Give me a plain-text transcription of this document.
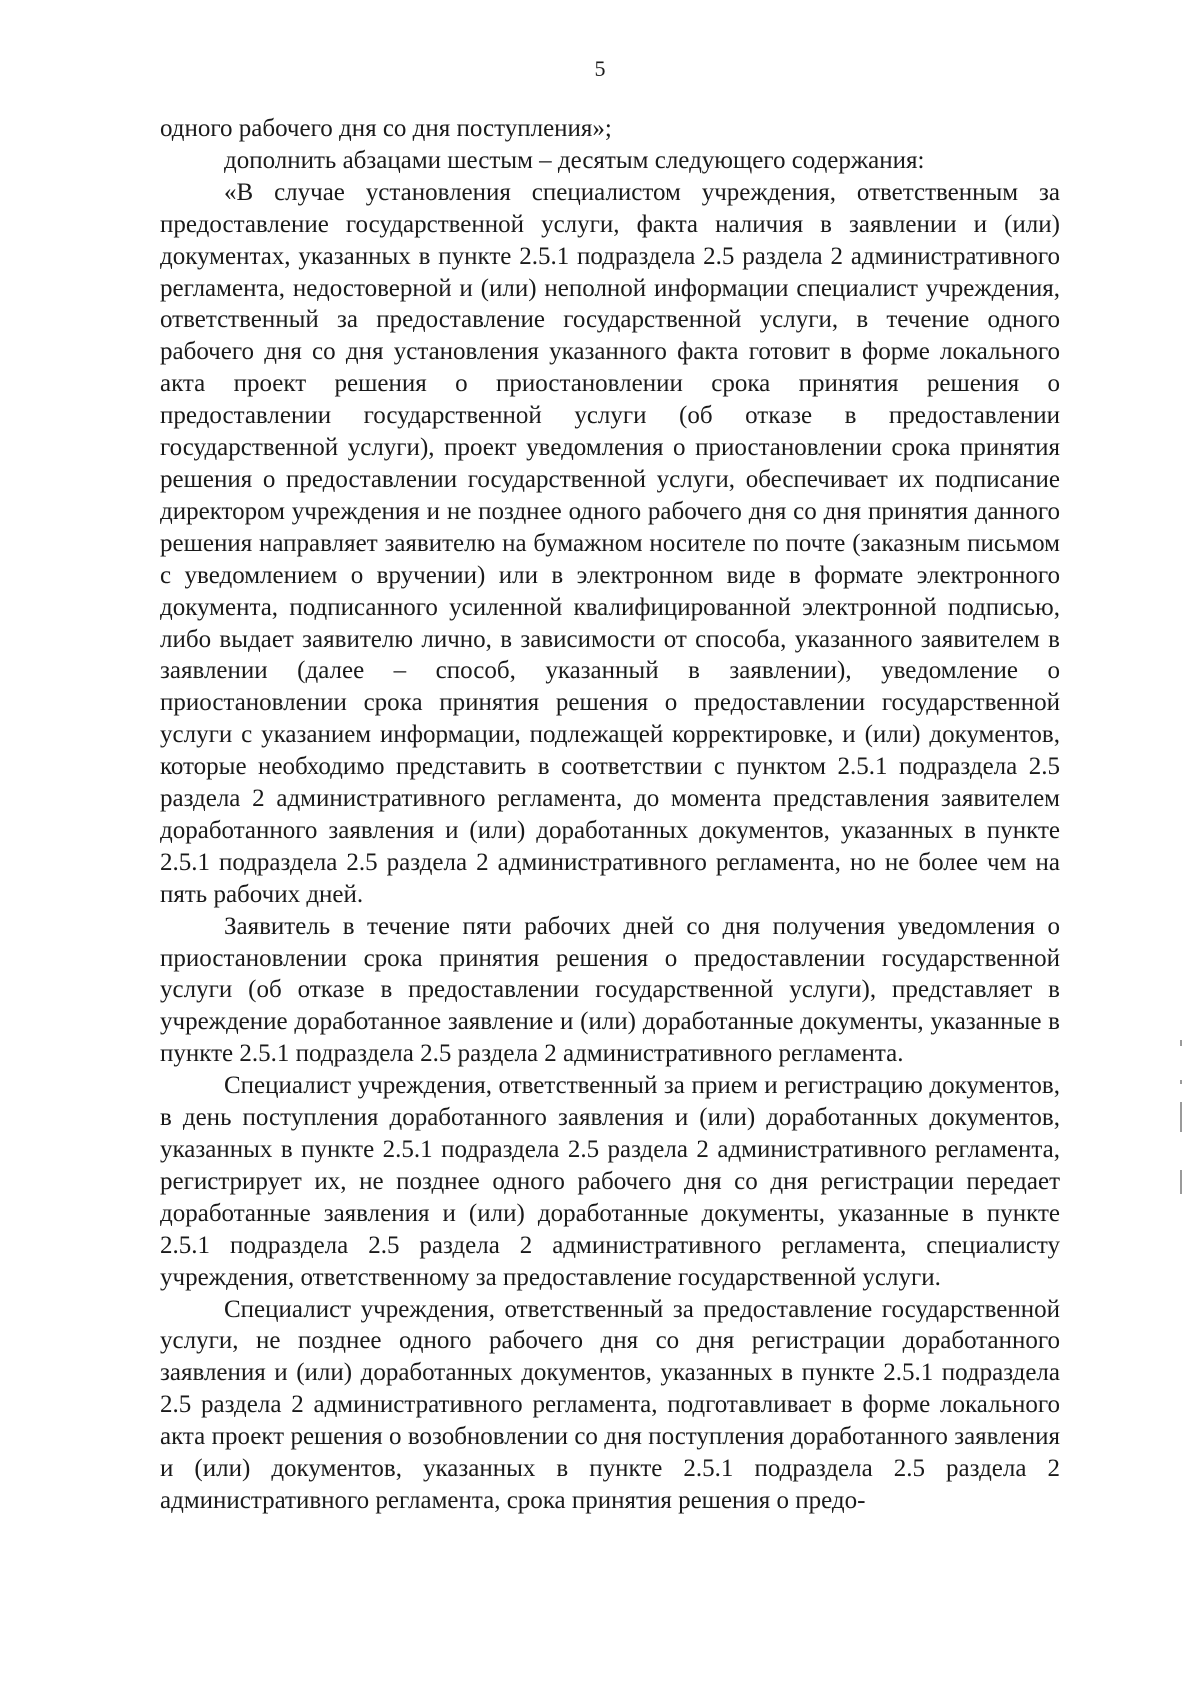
5

одного рабочего дня со дня поступления»;

дополнить абзацами шестым – десятым следующего содержания:

«В случае установления специалистом учреждения, ответственным за предоставление государственной услуги, факта наличия в заявлении и (или) документах, указанных в пункте 2.5.1 подраздела 2.5 раздела 2 административного регламента, недостоверной и (или) неполной информации специалист учреждения, ответственный за предоставление государственной услуги, в течение одного рабочего дня со дня установления указанного факта готовит в форме локального акта проект решения о приостановлении срока принятия решения о предоставлении государственной услуги (об отказе в предоставлении государственной услуги), проект уведомления о приостановлении срока принятия решения о предоставлении государственной услуги, обеспечивает их подписание директором учреждения и не позднее одного рабочего дня со дня принятия данного решения направляет заявителю на бумажном носителе по почте (заказным письмом с уведомлением о вручении) или в электронном виде в формате электронного документа, подписанного усиленной квалифицированной электронной подписью, либо выдает заявителю лично, в зависимости от способа, указанного заявителем в заявлении (далее – способ, указанный в заявлении), уведомление о приостановлении срока принятия решения о предоставлении государственной услуги с указанием информации, подлежащей корректировке, и (или) документов, которые необходимо представить в соответствии с пунктом 2.5.1 подраздела 2.5 раздела 2 административного регламента, до момента представления заявителем доработанного заявления и (или) доработанных документов, указанных в пункте 2.5.1 подраздела 2.5 раздела 2 административного регламента, но не более чем на пять рабочих дней.

Заявитель в течение пяти рабочих дней со дня получения уведомления о приостановлении срока принятия решения о предоставлении государственной услуги (об отказе в предоставлении государственной услуги), представляет в учреждение доработанное заявление и (или) доработанные документы, указанные в пункте 2.5.1 подраздела 2.5 раздела 2 административного регламента.

Специалист учреждения, ответственный за прием и регистрацию документов, в день поступления доработанного заявления и (или) доработанных документов, указанных в пункте 2.5.1 подраздела 2.5 раздела 2 административного регламента, регистрирует их, не позднее одного рабочего дня со дня регистрации передает доработанные заявления и (или) доработанные документы, указанные в пункте 2.5.1 подраздела 2.5 раздела 2 административного регламента, специалисту учреждения, ответственному за предоставление государственной услуги.

Специалист учреждения, ответственный за предоставление государственной услуги, не позднее одного рабочего дня со дня регистрации доработанного заявления и (или) доработанных документов, указанных в пункте 2.5.1 подраздела 2.5 раздела 2 административного регламента, подготавливает в форме локального акта проект решения о возобновлении со дня поступления доработанного заявления и (или) документов, указанных в пункте 2.5.1 подраздела 2.5 раздела 2 административного регламента, срока принятия решения о предо-
